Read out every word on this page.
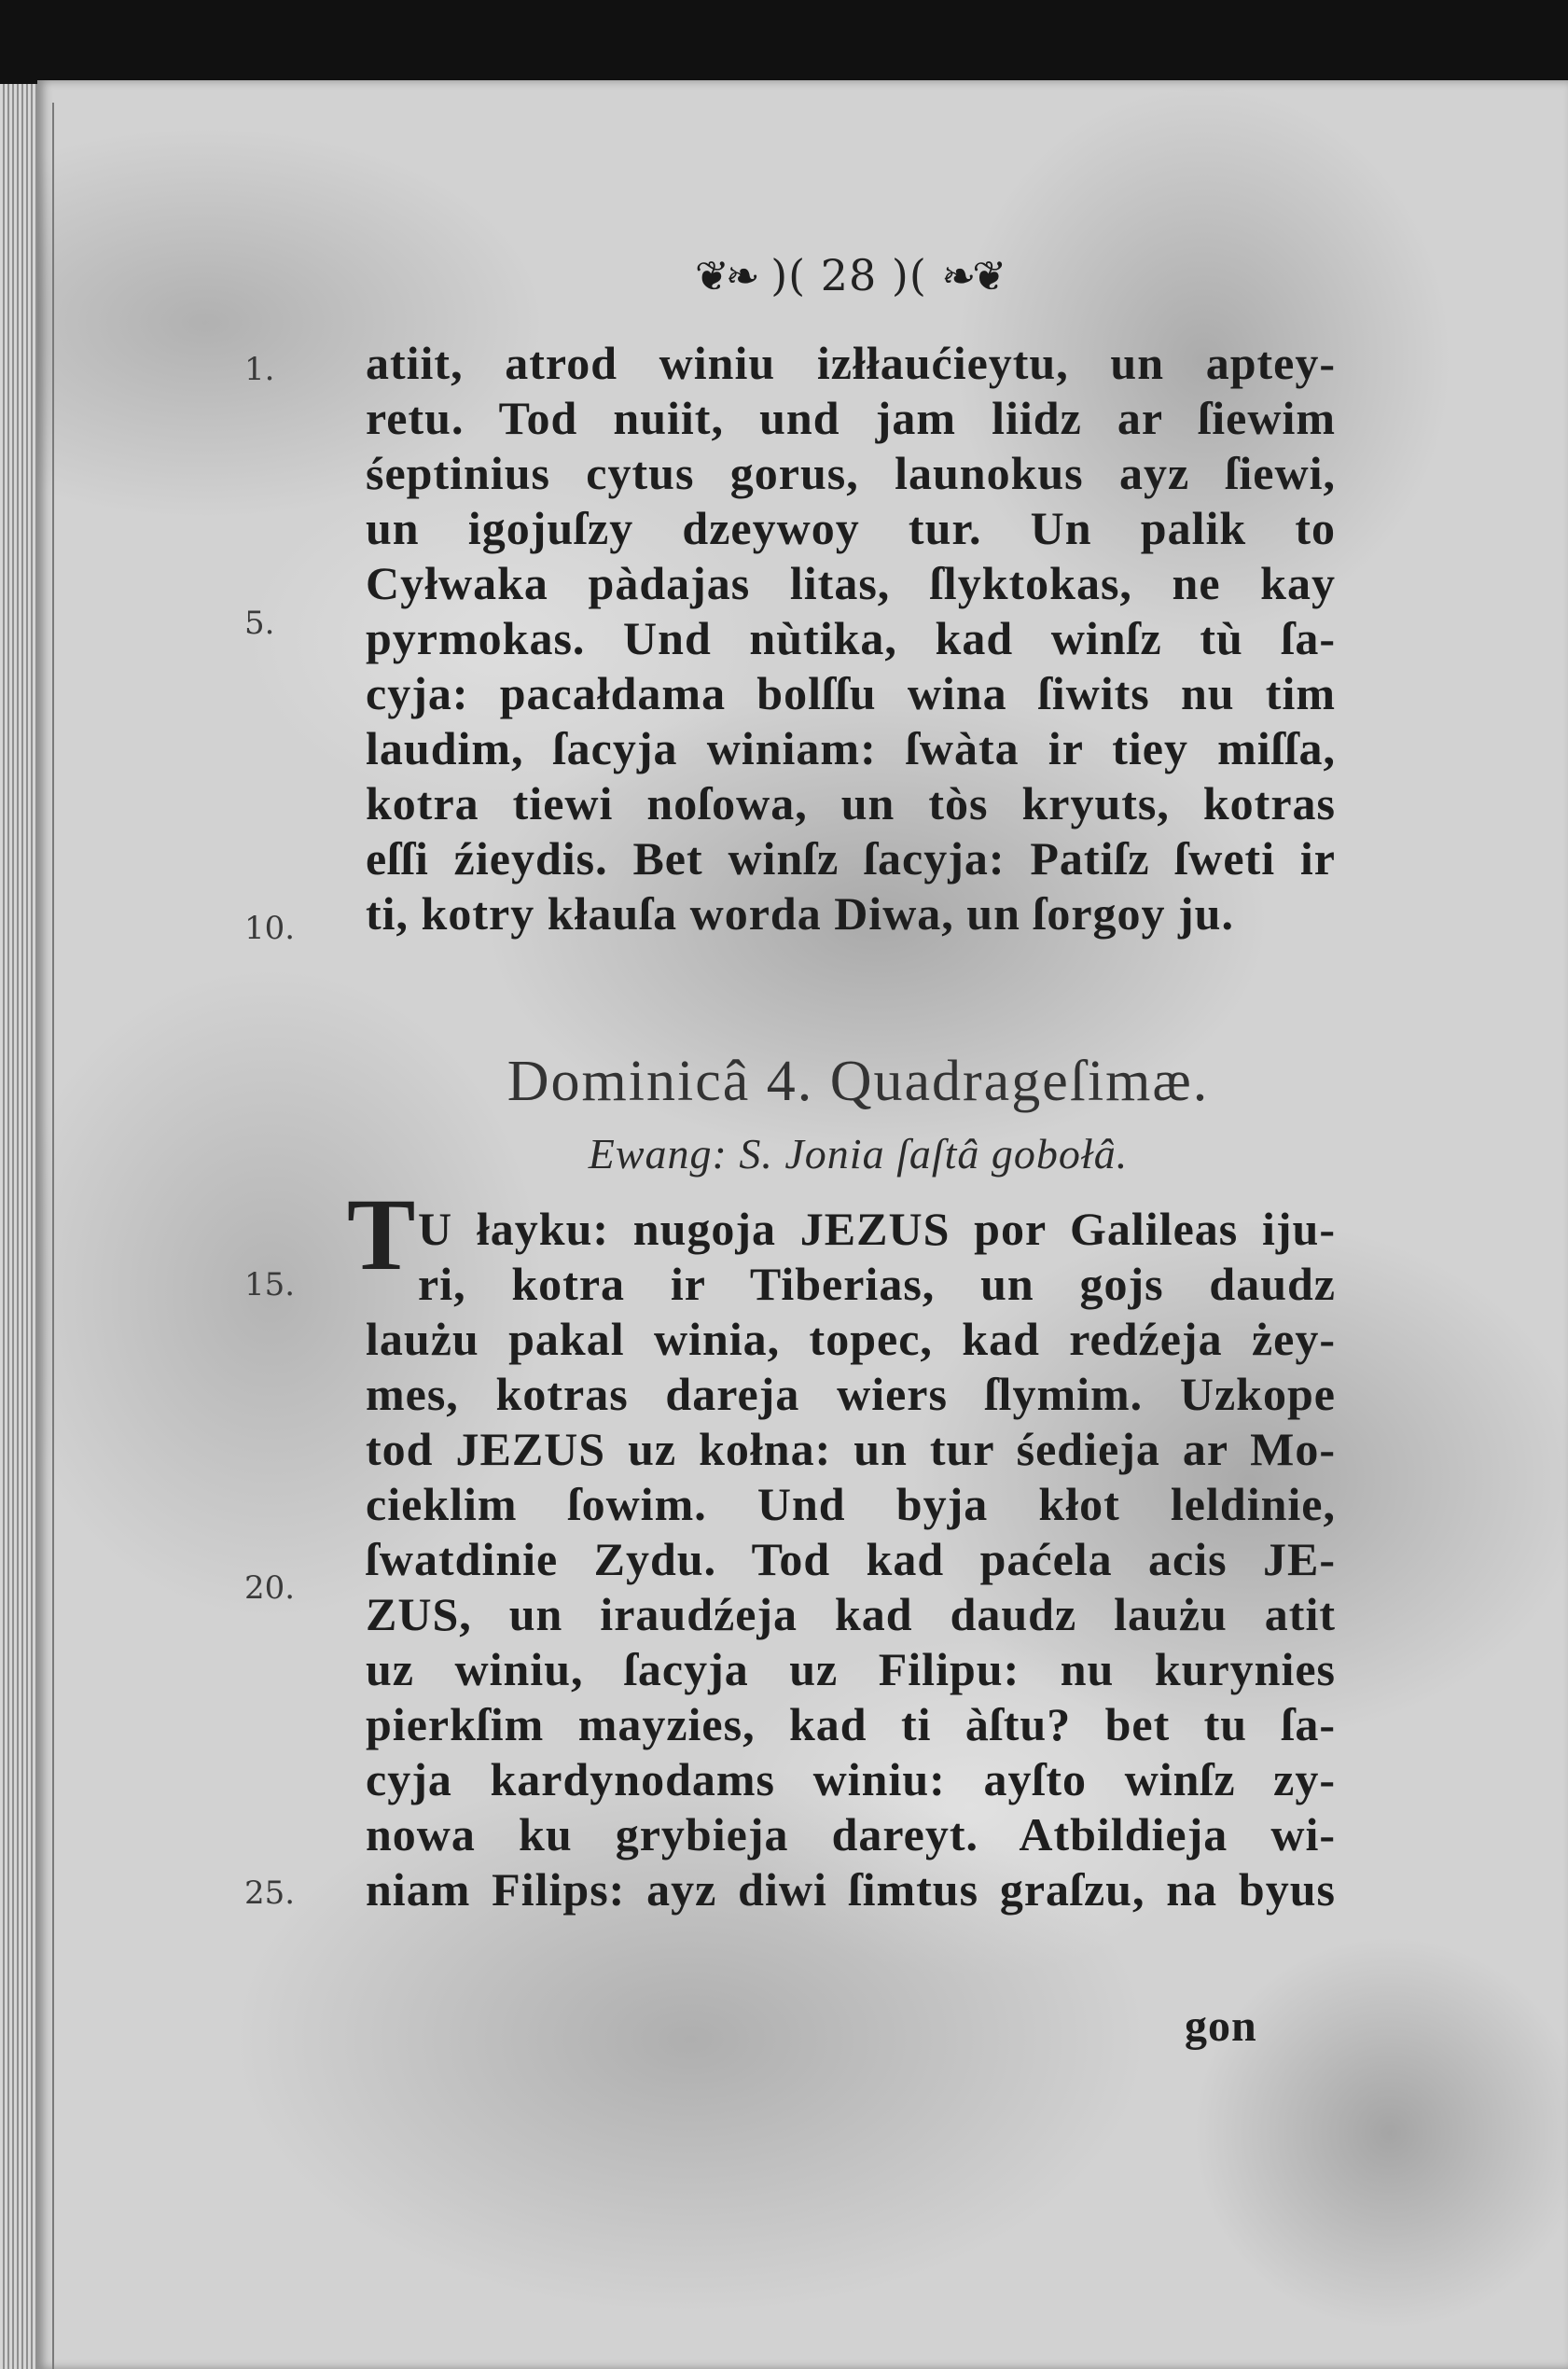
❦❧ )( 28 )( ❧❦
1.
5.
10.
15.
20.
25.
atiit, atrod winiu izłłaućieytu, un aptey-
retu. Tod nuiit, und jam liidz ar ſiewim
śeptinius cytus gorus, launokus ayz ſiewi,
un igojuſzy dzeywoy tur. Un palik to
Cyłwaka pàdajas litas, ſlyktokas, ne kay
pyrmokas. Und nùtika, kad winſz tù ſa-
cyja: pacałdama bolſſu wina ſiwits nu tim
laudim, ſacyja winiam: ſwàta ir tiey miſſa,
kotra tiewi noſowa, un tòs kryuts, kotras
eſſi źieydis. Bet winſz ſacyja: Patiſz ſweti ir
ti, kotry kłauſa worda Diwa, un ſorgoy ju.
Dominicâ 4. Quadrageſimæ.
Ewang: S. Jonia ſaſtâ gobołâ.
T U łayku: nugoja JEZUS por Galileas iju-
ri, kotra ir Tiberias, un gojs daudz
laużu pakal winia, topec, kad redźeja żey-
mes, kotras dareja wiers ſlymim. Uzkope
tod JEZUS uz kołna: un tur śedieja ar Mo-
cieklim ſowim. Und byja kłot leldinie,
ſwatdinie Zydu. Tod kad paćela acis JE-
ZUS, un iraudźeja kad daudz laużu atit
uz winiu, ſacyja uz Filipu: nu kurynies
pierkſim mayzies, kad ti àſtu? bet tu ſa-
cyja kardynodams winiu: ayſto winſz zy-
nowa ku grybieja dareyt. Atbildieja wi-
niam Filips: ayz diwi ſimtus graſzu, na byus
gon
